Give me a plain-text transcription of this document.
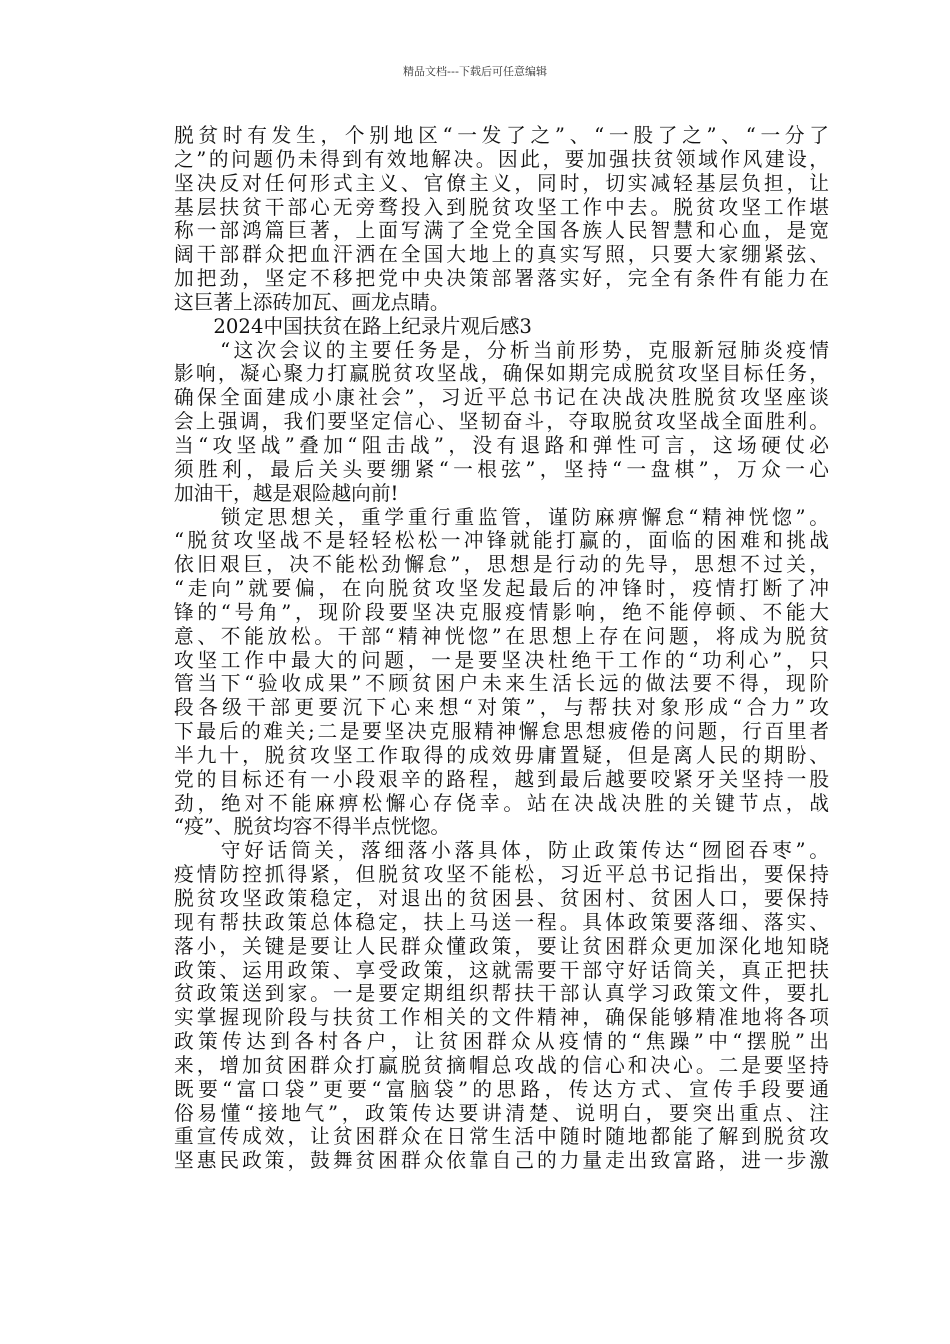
精品文档---下载后可任意编辑
脱贫时有发生，个别地区“一发了之”、“一股了之”、“一分了
之”的问题仍未得到有效地解决。因此，要加强扶贫领域作风建设，
坚决反对任何形式主义、官僚主义，同时，切实减轻基层负担，让
基层扶贫干部心无旁骛投入到脱贫攻坚工作中去。脱贫攻坚工作堪
称一部鸿篇巨著，上面写满了全党全国各族人民智慧和心血，是宽
阔干部群众把血汗洒在全国大地上的真实写照，只要大家绷紧弦、
加把劲，坚定不移把党中央决策部署落实好，完全有条件有能力在
这巨著上添砖加瓦、画龙点睛。
　　2024中国扶贫在路上纪录片观后感3
　　“这次会议的主要任务是，分析当前形势，克服新冠肺炎疫情
影响，凝心聚力打赢脱贫攻坚战，确保如期完成脱贫攻坚目标任务，
确保全面建成小康社会”，习近平总书记在决战决胜脱贫攻坚座谈
会上强调，我们要坚定信心、坚韧奋斗，夺取脱贫攻坚战全面胜利。
当“攻坚战”叠加“阻击战”，没有退路和弹性可言，这场硬仗必
须胜利，最后关头要绷紧“一根弦”，坚持“一盘棋”，万众一心
加油干，越是艰险越向前!
　　锁定思想关，重学重行重监管，谨防麻痹懈怠“精神恍惚”。
“脱贫攻坚战不是轻轻松松一冲锋就能打赢的，面临的困难和挑战
依旧艰巨，决不能松劲懈怠”，思想是行动的先导，思想不过关，
“走向”就要偏，在向脱贫攻坚发起最后的冲锋时，疫情打断了冲
锋的“号角”，现阶段要坚决克服疫情影响，绝不能停顿、不能大
意、不能放松。干部“精神恍惚”在思想上存在问题，将成为脱贫
攻坚工作中最大的问题，一是要坚决杜绝干工作的“功利心”，只
管当下“验收成果”不顾贫困户未来生活长远的做法要不得，现阶
段各级干部更要沉下心来想“对策”，与帮扶对象形成“合力”攻
下最后的难关;二是要坚决克服精神懈怠思想疲倦的问题，行百里者
半九十，脱贫攻坚工作取得的成效毋庸置疑，但是离人民的期盼、
党的目标还有一小段艰辛的路程，越到最后越要咬紧牙关坚持一股
劲，绝对不能麻痹松懈心存侥幸。站在决战决胜的关键节点，战
“疫”、脱贫均容不得半点恍惚。
　　守好话筒关，落细落小落具体，防止政策传达“囫囵吞枣”。
疫情防控抓得紧，但脱贫攻坚不能松，习近平总书记指出，要保持
脱贫攻坚政策稳定，对退出的贫困县、贫困村、贫困人口，要保持
现有帮扶政策总体稳定，扶上马送一程。具体政策要落细、落实、
落小，关键是要让人民群众懂政策，要让贫困群众更加深化地知晓
政策、运用政策、享受政策，这就需要干部守好话筒关，真正把扶
贫政策送到家。一是要定期组织帮扶干部认真学习政策文件，要扎
实掌握现阶段与扶贫工作相关的文件精神，确保能够精准地将各项
政策传达到各村各户，让贫困群众从疫情的“焦躁”中“摆脱”出
来，增加贫困群众打赢脱贫摘帽总攻战的信心和决心。二是要坚持
既要“富口袋”更要“富脑袋”的思路，传达方式、宣传手段要通
俗易懂“接地气”，政策传达要讲清楚、说明白，要突出重点、注
重宣传成效，让贫困群众在日常生活中随时随地都能了解到脱贫攻
坚惠民政策，鼓舞贫困群众依靠自己的力量走出致富路，进一步激
